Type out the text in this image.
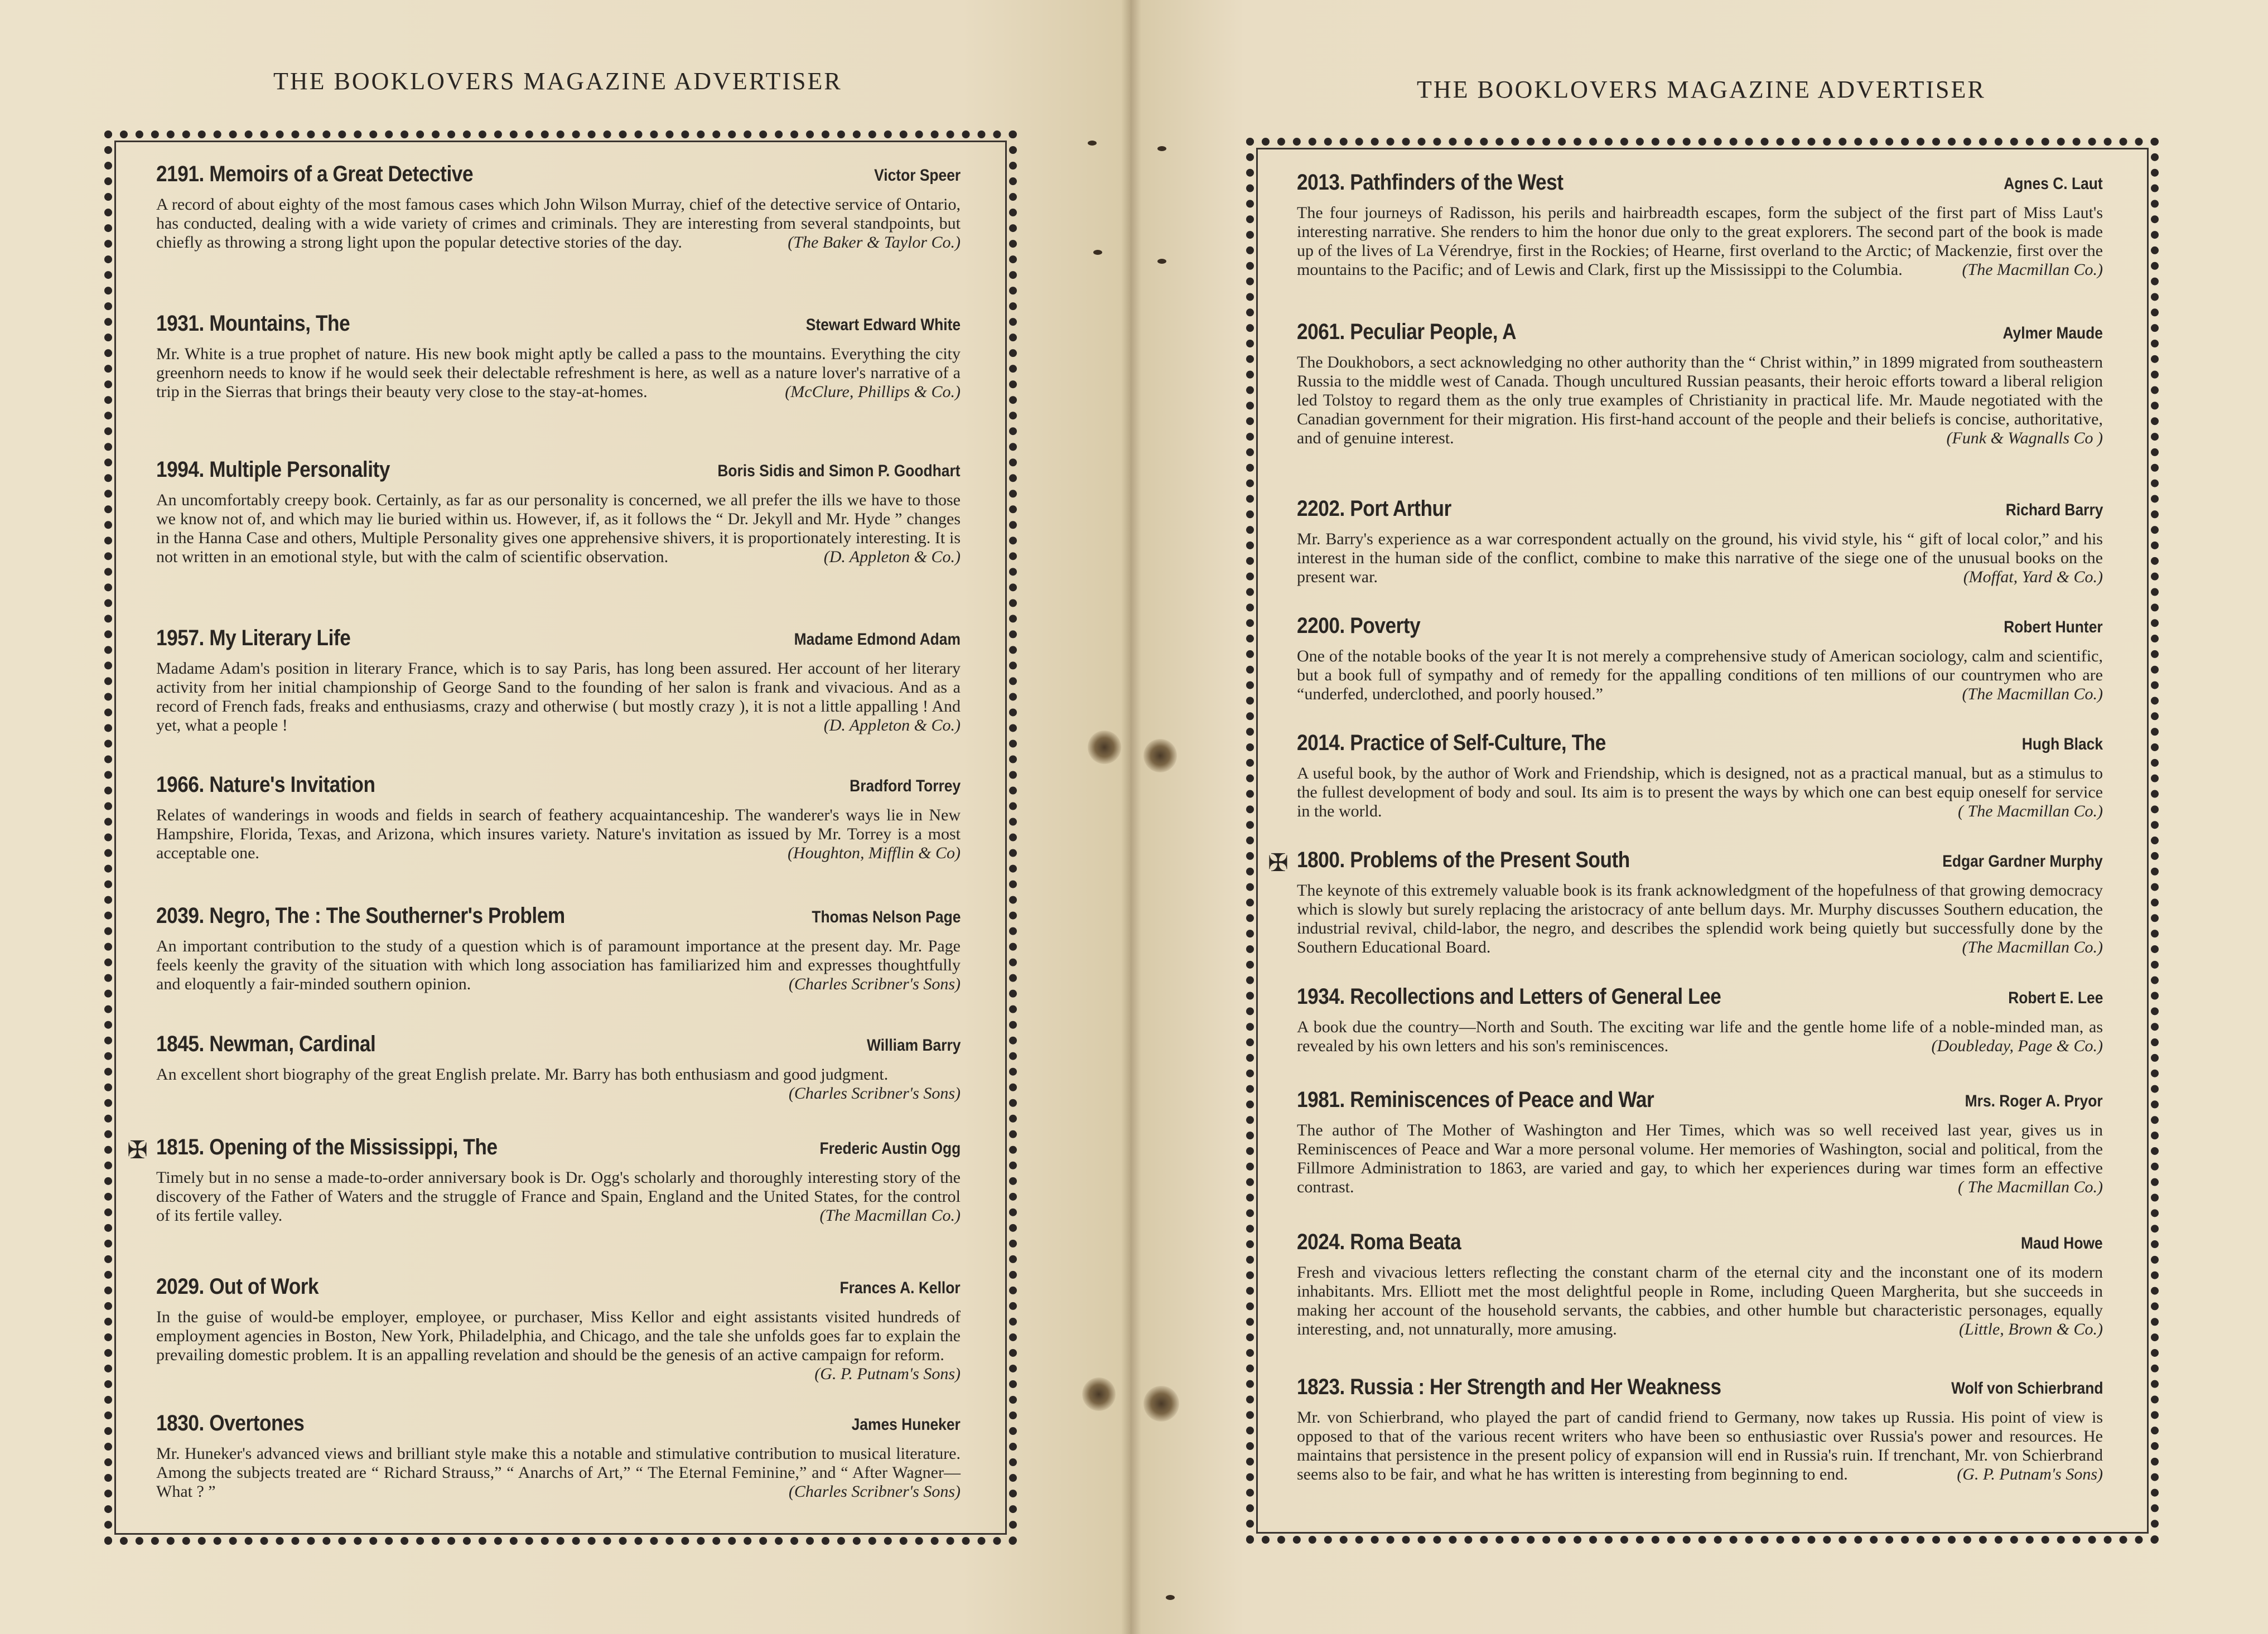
THE BOOKLOVERS MAGAZINE ADVERTISER
2191. Memoirs of a Great Detective	Victor Speer
A record of about eighty of the most famous cases which John Wilson Murray, chief of the detective service of Ontario, has conducted, dealing with a wide variety of crimes and criminals. They are interesting from several standpoints, but chiefly as throwing a strong light upon the popular detective stories of the day.	(The Baker & Taylor Co.)
1931. Mountains, The	Stewart Edward White
Mr. White is a true prophet of nature. His new book might aptly be called a pass to the mountains. Everything the city greenhorn needs to know if he would seek their delectable refreshment is here, as well as a nature lover's narrative of a trip in the Sierras that brings their beauty very close to the stay-at-homes.	(McClure, Phillips & Co.)
1994. Multiple Personality	Boris Sidis and Simon P. Goodhart
An uncomfortably creepy book. Certainly, as far as our personality is concerned, we all prefer the ills we have to those we know not of, and which may lie buried within us. However, if, as it follows the “ Dr. Jekyll and Mr. Hyde ” changes in the Hanna Case and others, Multiple Personality gives one apprehensive shivers, it is proportionately interesting. It is not written in an emotional style, but with the calm of scientific observation.	(D. Appleton & Co.)
1957. My Literary Life	Madame Edmond Adam
Madame Adam's position in literary France, which is to say Paris, has long been assured. Her account of her literary activity from her initial championship of George Sand to the founding of her salon is frank and vivacious. And as a record of French fads, freaks and enthusiasms, crazy and otherwise ( but mostly crazy ), it is not a little appalling ! And yet, what a people !	(D. Appleton & Co.)
1966. Nature's Invitation	Bradford Torrey
Relates of wanderings in woods and fields in search of feathery acquaintanceship. The wanderer's ways lie in New Hampshire, Florida, Texas, and Arizona, which insures variety. Nature's invitation as issued by Mr. Torrey is a most acceptable one.	(Houghton, Mifflin & Co)
2039. Negro, The : The Southerner's Problem	Thomas Nelson Page
An important contribution to the study of a question which is of paramount importance at the present day. Mr. Page feels keenly the gravity of the situation with which long association has familiarized him and expresses thoughtfully and eloquently a fair-minded southern opinion.	(Charles Scribner's Sons)
1845. Newman, Cardinal	William Barry
An excellent short biography of the great English prelate. Mr. Barry has both enthusiasm and good judgment.
(Charles Scribner's Sons)
✠ 1815. Opening of the Mississippi, The	Frederic Austin Ogg
Timely but in no sense a made-to-order anniversary book is Dr. Ogg's scholarly and thoroughly interesting story of the discovery of the Father of Waters and the struggle of France and Spain, England and the United States, for the control of its fertile valley.	(The Macmillan Co.)
2029. Out of Work	Frances A. Kellor
In the guise of would-be employer, employee, or purchaser, Miss Kellor and eight assistants visited hundreds of employment agencies in Boston, New York, Philadelphia, and Chicago, and the tale she unfolds goes far to explain the prevailing domestic problem. It is an appalling revelation and should be the genesis of an active campaign for reform.
(G. P. Putnam's Sons)
1830. Overtones	James Huneker
Mr. Huneker's advanced views and brilliant style make this a notable and stimulative contribution to musical literature. Among the subjects treated are “ Richard Strauss,” “ Anarchs of Art,” “ The Eternal Feminine,” and “ After Wagner—What ? ”	(Charles Scribner's Sons)
THE BOOKLOVERS MAGAZINE ADVERTISER
2013. Pathfinders of the West	Agnes C. Laut
The four journeys of Radisson, his perils and hairbreadth escapes, form the subject of the first part of Miss Laut's interesting narrative. She renders to him the honor due only to the great explorers. The second part of the book is made up of the lives of La Vérendrye, first in the Rockies; of Hearne, first overland to the Arctic; of Mackenzie, first over the mountains to the Pacific; and of Lewis and Clark, first up the Mississippi to the Columbia.	(The Macmillan Co.)
2061. Peculiar People, A	Aylmer Maude
The Doukhobors, a sect acknowledging no other authority than the “ Christ within,” in 1899 migrated from southeastern Russia to the middle west of Canada. Though uncultured Russian peasants, their heroic efforts toward a liberal religion led Tolstoy to regard them as the only true examples of Christianity in practical life. Mr. Maude negotiated with the Canadian government for their migration. His first-hand account of the people and their beliefs is concise, authoritative, and of genuine interest.	(Funk & Wagnalls Co )
2202. Port Arthur	Richard Barry
Mr. Barry's experience as a war correspondent actually on the ground, his vivid style, his “ gift of local color,” and his interest in the human side of the conflict, combine to make this narrative of the siege one of the unusual books on the present war.	(Moffat, Yard & Co.)
2200. Poverty	Robert Hunter
One of the notable books of the year It is not merely a comprehensive study of American sociology, calm and scientific, but a book full of sympathy and of remedy for the appalling conditions of ten millions of our countrymen who are “underfed, underclothed, and poorly housed.”	(The Macmillan Co.)
2014. Practice of Self-Culture, The	Hugh Black
A useful book, by the author of Work and Friendship, which is designed, not as a practical manual, but as a stimulus to the fullest development of body and soul. Its aim is to present the ways by which one can best equip oneself for service in the world.	( The Macmillan Co.)
✠ 1800. Problems of the Present South	Edgar Gardner Murphy
The keynote of this extremely valuable book is its frank acknowledgment of the hopefulness of that growing democracy which is slowly but surely replacing the aristocracy of ante bellum days. Mr. Murphy discusses Southern education, the industrial revival, child-labor, the negro, and describes the splendid work being quietly but successfully done by the Southern Educational Board.	(The Macmillan Co.)
1934. Recollections and Letters of General Lee	Robert E. Lee
A book due the country—North and South. The exciting war life and the gentle home life of a noble-minded man, as revealed by his own letters and his son's reminiscences.	(Doubleday, Page & Co.)
1981. Reminiscences of Peace and War	Mrs. Roger A. Pryor
The author of The Mother of Washington and Her Times, which was so well received last year, gives us in Reminiscences of Peace and War a more personal volume. Her memories of Washington, social and political, from the Fillmore Administration to 1863, are varied and gay, to which her experiences during war times form an effective contrast.	( The Macmillan Co.)
2024. Roma Beata	Maud Howe
Fresh and vivacious letters reflecting the constant charm of the eternal city and the inconstant one of its modern inhabitants. Mrs. Elliott met the most delightful people in Rome, including Queen Margherita, but she succeeds in making her account of the household servants, the cabbies, and other humble but characteristic personages, equally interesting, and, not unnaturally, more amusing.	(Little, Brown & Co.)
1823. Russia : Her Strength and Her Weakness	Wolf von Schierbrand
Mr. von Schierbrand, who played the part of candid friend to Germany, now takes up Russia. His point of view is opposed to that of the various recent writers who have been so enthusiastic over Russia's power and resources. He maintains that persistence in the present policy of expansion will end in Russia's ruin. If trenchant, Mr. von Schierbrand seems also to be fair, and what he has written is interesting from beginning to end.	(G. P. Putnam's Sons)
